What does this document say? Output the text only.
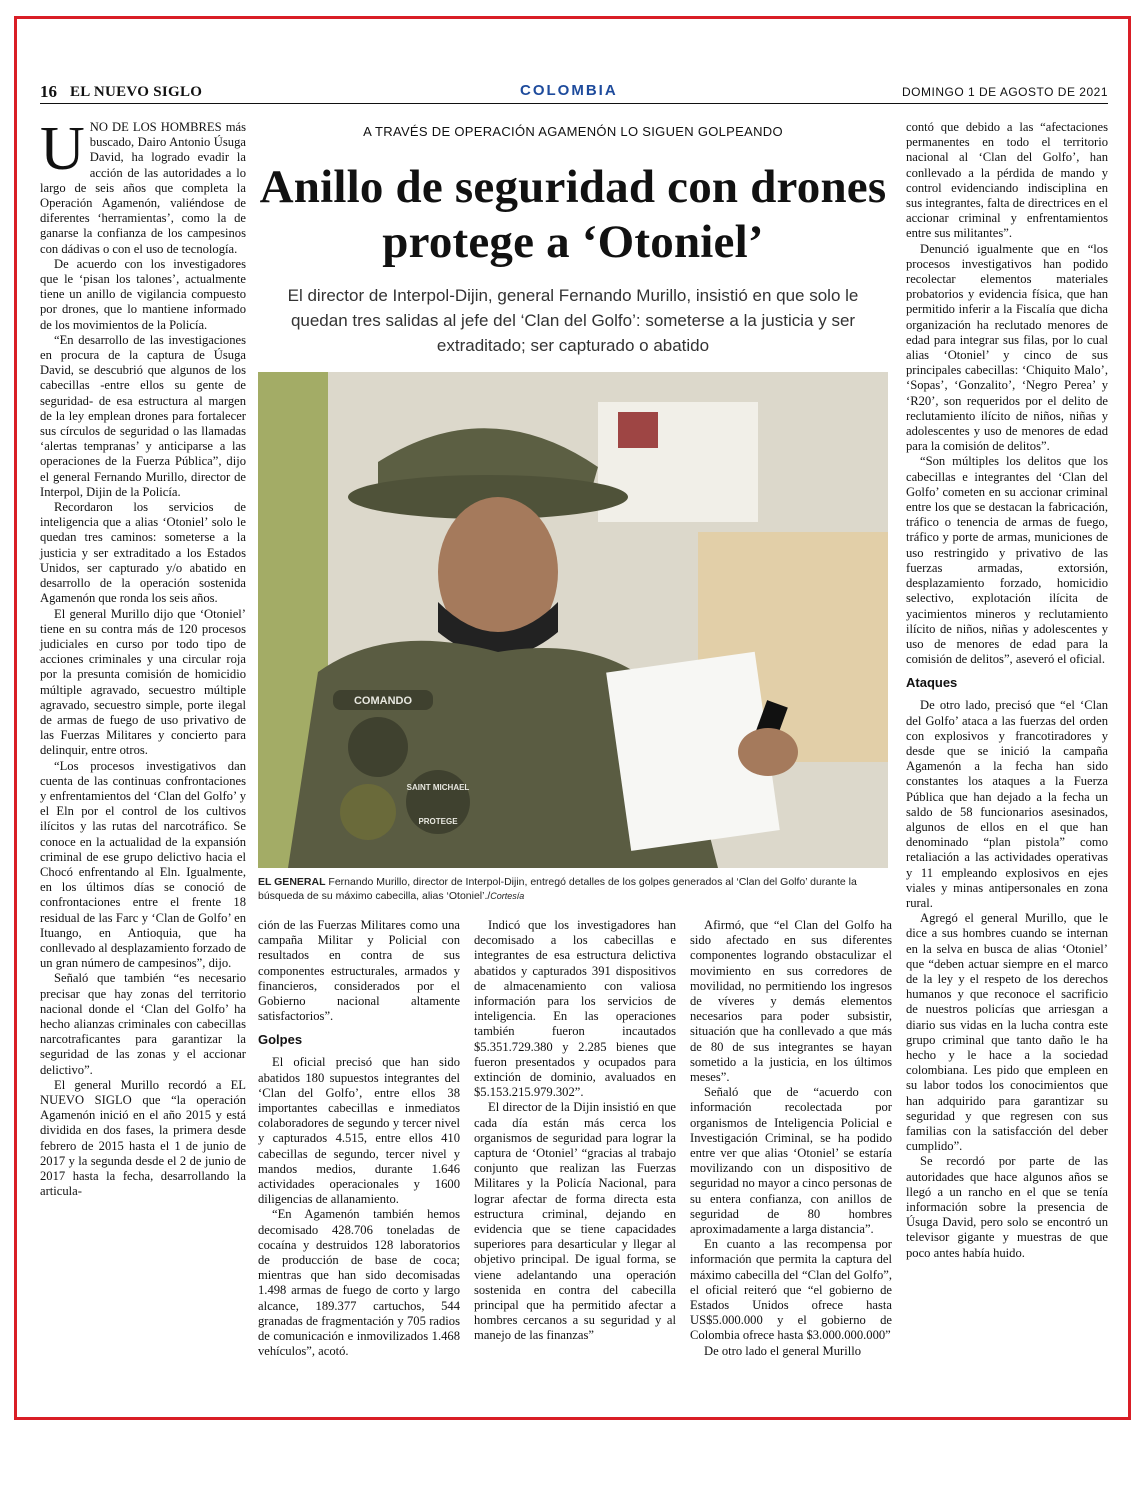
16 EL NUEVO SIGLO	COLOMBIA	DOMINGO 1 DE AGOSTO DE 2021

UNO DE LOS HOMBRES más buscado, Dairo Antonio Úsuga David, ha logrado evadir la acción de las autoridades a lo largo de seis años que completa la Operación Agamenón, valiéndose de diferentes ‘herramientas’, como la de ganarse la confianza de los campesinos con dádivas o con el uso de tecnología.

De acuerdo con los investigadores que le ‘pisan los talones’, actualmente tiene un anillo de vigilancia compuesto por drones, que lo mantiene informado de los movimientos de la Policía.

“En desarrollo de las investigaciones en procura de la captura de Úsuga David, se descubrió que algunos de los cabecillas -entre ellos su gente de seguridad- de esa estructura al margen de la ley emplean drones para fortalecer sus círculos de seguridad o las llamadas ‘alertas tempranas’ y anticiparse a las operaciones de la Fuerza Pública”, dijo el general Fernando Murillo, director de Interpol, Dijin de la Policía.

Recordaron los servicios de inteligencia que a alias ‘Otoniel’ solo le quedan tres caminos: someterse a la justicia y ser extraditado a los Estados Unidos, ser capturado y/o abatido en desarrollo de la operación sostenida Agamenón que ronda los seis años.

El general Murillo dijo que ‘Otoniel’ tiene en su contra más de 120 procesos judiciales en curso por todo tipo de acciones criminales y una circular roja por la presunta comisión de homicidio múltiple agravado, secuestro múltiple agravado, secuestro simple, porte ilegal de armas de fuego de uso privativo de las Fuerzas Militares y concierto para delinquir, entre otros.

“Los procesos investigativos dan cuenta de las continuas confrontaciones y enfrentamientos del ‘Clan del Golfo’ y el Eln por el control de los cultivos ilícitos y las rutas del narcotráfico. Se conoce en la actualidad de la expansión criminal de ese grupo delictivo hacia el Chocó enfrentando al Eln. Igualmente, en los últimos días se conoció de confrontaciones entre el frente 18 residual de las Farc y ‘Clan de Golfo’ en Ituango, en Antioquia, que ha conllevado al desplazamiento forzado de un gran número de campesinos”, dijo.

Señaló que también “es necesario precisar que hay zonas del territorio nacional donde el ‘Clan del Golfo’ ha hecho alianzas criminales con cabecillas narcotraficantes para garantizar la seguridad de las zonas y el accionar delictivo”.

El general Murillo recordó a EL NUEVO SIGLO que “la operación Agamenón inició en el año 2015 y está dividida en dos fases, la primera desde febrero de 2015 hasta el 1 de junio de 2017 y la segunda desde el 2 de junio de 2017 hasta la fecha, desarrollando la articula-

A TRAVÉS DE OPERACIÓN AGAMENÓN LO SIGUEN GOLPEANDO
Anillo de seguridad con drones protege a ‘Otoniel’
El director de Interpol-Dijin, general Fernando Murillo, insistió en que solo le quedan tres salidas al jefe del ‘Clan del Golfo’: someterse a la justicia y ser extraditado; ser capturado o abatido
COMANDO
SAINT MICHAEL
PROTEGE
EL GENERAL Fernando Murillo, director de Interpol-Dijin, entregó detalles de los golpes generados al ‘Clan del Golfo’ durante la búsqueda de su máximo cabecilla, alias ‘Otoniel’./Cortesía

ción de las Fuerzas Militares como una campaña Militar y Policial con resultados en contra de sus componentes estructurales, armados y financieros, considerados por el Gobierno nacional altamente satisfactorios”.

Golpes

El oficial precisó que han sido abatidos 180 supuestos integrantes del ‘Clan del Golfo’, entre ellos 38 importantes cabecillas e inmediatos colaboradores de segundo y tercer nivel y capturados 4.515, entre ellos 410 cabecillas de segundo, tercer nivel y mandos medios, durante 1.646 actividades operacionales y 1600 diligencias de allanamiento.

“En Agamenón también hemos decomisado 428.706 toneladas de cocaína y destruidos 128 laboratorios de producción de base de coca; mientras que han sido decomisadas 1.498 armas de fuego de corto y largo alcance, 189.377 cartuchos, 544 granadas de fragmentación y 705 radios de comunicación e inmovilizados 1.468 vehículos”, acotó.

Indicó que los investigadores han decomisado a los cabecillas e integrantes de esa estructura delictiva abatidos y capturados 391 dispositivos de almacenamiento con valiosa información para los servicios de inteligencia. En las operaciones también fueron incautados $5.351.729.380 y 2.285 bienes que fueron presentados y ocupados para extinción de dominio, avaluados en $5.153.215.979.302”.

El director de la Dijin insistió en que cada día están más cerca los organismos de seguridad para lograr la captura de ‘Otoniel’ “gracias al trabajo conjunto que realizan las Fuerzas Militares y la Policía Nacional, para lograr afectar de forma directa esta estructura criminal, dejando en evidencia que se tiene capacidades superiores para desarticular y llegar al objetivo principal. De igual forma, se viene adelantando una operación sostenida en contra del cabecilla principal que ha permitido afectar a hombres cercanos a su seguridad y al manejo de las finanzas”

Afirmó, que “el Clan del Golfo ha sido afectado en sus diferentes componentes logrando obstaculizar el movimiento en sus corredores de movilidad, no permitiendo los ingresos de víveres y demás elementos necesarios para poder subsistir, situación que ha conllevado a que más de 80 de sus integrantes se hayan sometido a la justicia, en los últimos meses”.

Señaló que de “acuerdo con información recolectada por organismos de Inteligencia Policial e Investigación Criminal, se ha podido entre ver que alias ‘Otoniel’ se estaría movilizando con un dispositivo de seguridad no mayor a cinco personas de su entera confianza, con anillos de seguridad de 80 hombres aproximadamente a larga distancia”.

En cuanto a las recompensa por información que permita la captura del máximo cabecilla del “Clan del Golfo”, el oficial reiteró que “el gobierno de Estados Unidos ofrece hasta US$5.000.000 y el gobierno de Colombia ofrece hasta $3.000.000.000”

De otro lado el general Murillo

contó que debido a las “afectaciones permanentes en todo el territorio nacional al ‘Clan del Golfo’, han conllevado a la pérdida de mando y control evidenciando indisciplina en sus integrantes, falta de directrices en el accionar criminal y enfrentamientos entre sus militantes”.

Denunció igualmente que en “los procesos investigativos han podido recolectar elementos materiales probatorios y evidencia física, que han permitido inferir a la Fiscalía que dicha organización ha reclutado menores de edad para integrar sus filas, por lo cual alias ‘Otoniel’ y cinco de sus principales cabecillas: ‘Chiquito Malo’, ‘Sopas’, ‘Gonzalito’, ‘Negro Perea’ y ‘R20’, son requeridos por el delito de reclutamiento ilícito de niños, niñas y adolescentes y uso de menores de edad para la comisión de delitos”.

“Son múltiples los delitos que los cabecillas e integrantes del ‘Clan del Golfo’ cometen en su accionar criminal entre los que se destacan la fabricación, tráfico o tenencia de armas de fuego, tráfico y porte de armas, municiones de uso restringido y privativo de las fuerzas armadas, extorsión, desplazamiento forzado, homicidio selectivo, explotación ilícita de yacimientos mineros y reclutamiento ilícito de niños, niñas y adolescentes y uso de menores de edad para la comisión de delitos”, aseveró el oficial.

Ataques

De otro lado, precisó que “el ‘Clan del Golfo’ ataca a las fuerzas del orden con explosivos y francotiradores y desde que se inició la campaña Agamenón a la fecha han sido constantes los ataques a la Fuerza Pública que han dejado a la fecha un saldo de 58 funcionarios asesinados, algunos de ellos en el que han denominado “plan pistola” como retaliación a las actividades operativas y 11 empleando explosivos en ejes viales y minas antipersonales en zona rural.

Agregó el general Murillo, que le dice a sus hombres cuando se internan en la selva en busca de alias ‘Otoniel’ que “deben actuar siempre en el marco de la ley y el respeto de los derechos humanos y que reconoce el sacrificio de nuestros policías que arriesgan a diario sus vidas en la lucha contra este grupo criminal que tanto daño le ha hecho y le hace a la sociedad colombiana. Les pido que empleen en su labor todos los conocimientos que han adquirido para garantizar su seguridad y que regresen con sus familias con la satisfacción del deber cumplido”.

Se recordó por parte de las autoridades que hace algunos años se llegó a un rancho en el que se tenía información sobre la presencia de Úsuga David, pero solo se encontró un televisor gigante y muestras de que poco antes había huido.
